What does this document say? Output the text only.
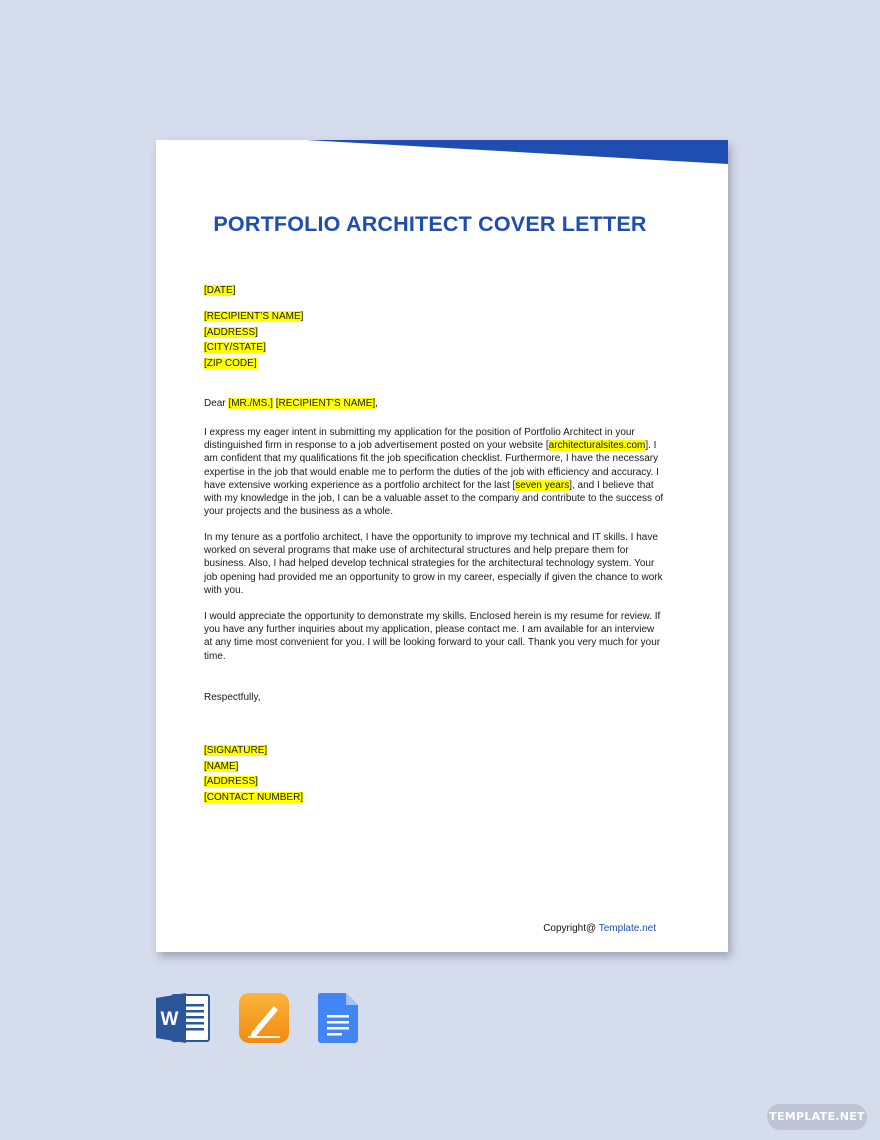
PORTFOLIO ARCHITECT COVER LETTER
[DATE]
[RECIPIENT’S NAME]
[ADDRESS]
[CITY/STATE]
[ZIP CODE]
Dear [MR./MS.] [RECIPIENT’S NAME],

I express my eager intent in submitting my application for the position of Portfolio Architect in your distinguished firm in response to a job advertisement posted on your website [architecturalsites.com]. I am confident that my qualifications fit the job specification checklist. Furthermore, I have the necessary expertise in the job that would enable me to perform the duties of the job with efficiency and accuracy. I have extensive working experience as a portfolio architect for the last [seven years], and I believe that with my knowledge in the job, I can be a valuable asset to the company and contribute to the success of your projects and the business as a whole.

In my tenure as a portfolio architect, I have the opportunity to improve my technical and IT skills. I have worked on several programs that make use of architectural structures and help prepare them for business. Also, I had helped develop technical strategies for the architectural technology system. Your job opening had provided me an opportunity to grow in my career, especially if given the chance to work with you.

I would appreciate the opportunity to demonstrate my skills. Enclosed herein is my resume for review. If you have any further inquiries about my application, please contact me. I am available for an interview at any time most convenient for you. I will be looking forward to your call. Thank you very much for your time.

Respectfully,
[SIGNATURE]
[NAME]
[ADDRESS]
[CONTACT NUMBER]
Copyright@ Template.net
W
TEMPLATE.NET
